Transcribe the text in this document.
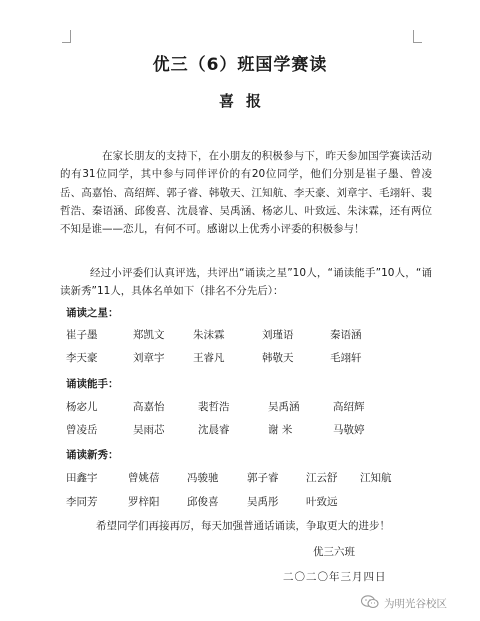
优三（6）班国学赛读
喜报
在家长朋友的支持下，在小朋友的积极参与下，昨天参加国学赛读活动的有31位同学，其中参与同伴评价的有20位同学，他们分别是崔子墨、曾凌岳、高嘉怡、高绍辉、郭子睿、韩敬天、江知航、李天豪、刘章宇、毛翊轩、裴哲浩、秦语涵、邱俊喜、沈晨睿、吴禹涵、杨宓儿、叶致远、朱沫霖，还有两位不知是谁——恋儿，有何不可。感谢以上优秀小评委的积极参与！
经过小评委们认真评选，共评出“诵读之星”10人，“诵读能手”10人，“诵读新秀”11人，具体名单如下（排名不分先后）：
诵读之星：
崔子墨	郑凯文	朱沫霖	刘瑾语	秦语涵
李天豪	刘章宇	王睿凡	韩敬天	毛翊轩
诵读能手：
杨宓儿	高嘉怡	裴哲浩	吴禹涵	高绍辉
曾凌岳	吴雨芯	沈晨睿	谢 米	马敬婷
诵读新秀：
田鑫宇	曾姚蓓	冯骏驰	郭子睿	江云舒 江知航
李同芳	罗梓阳	邱俊喜	吴禹彤	叶致远
希望同学们再接再厉，每天加强普通话诵读，争取更大的进步！
优三六班
二〇二〇年三月四日
为明光谷校区
